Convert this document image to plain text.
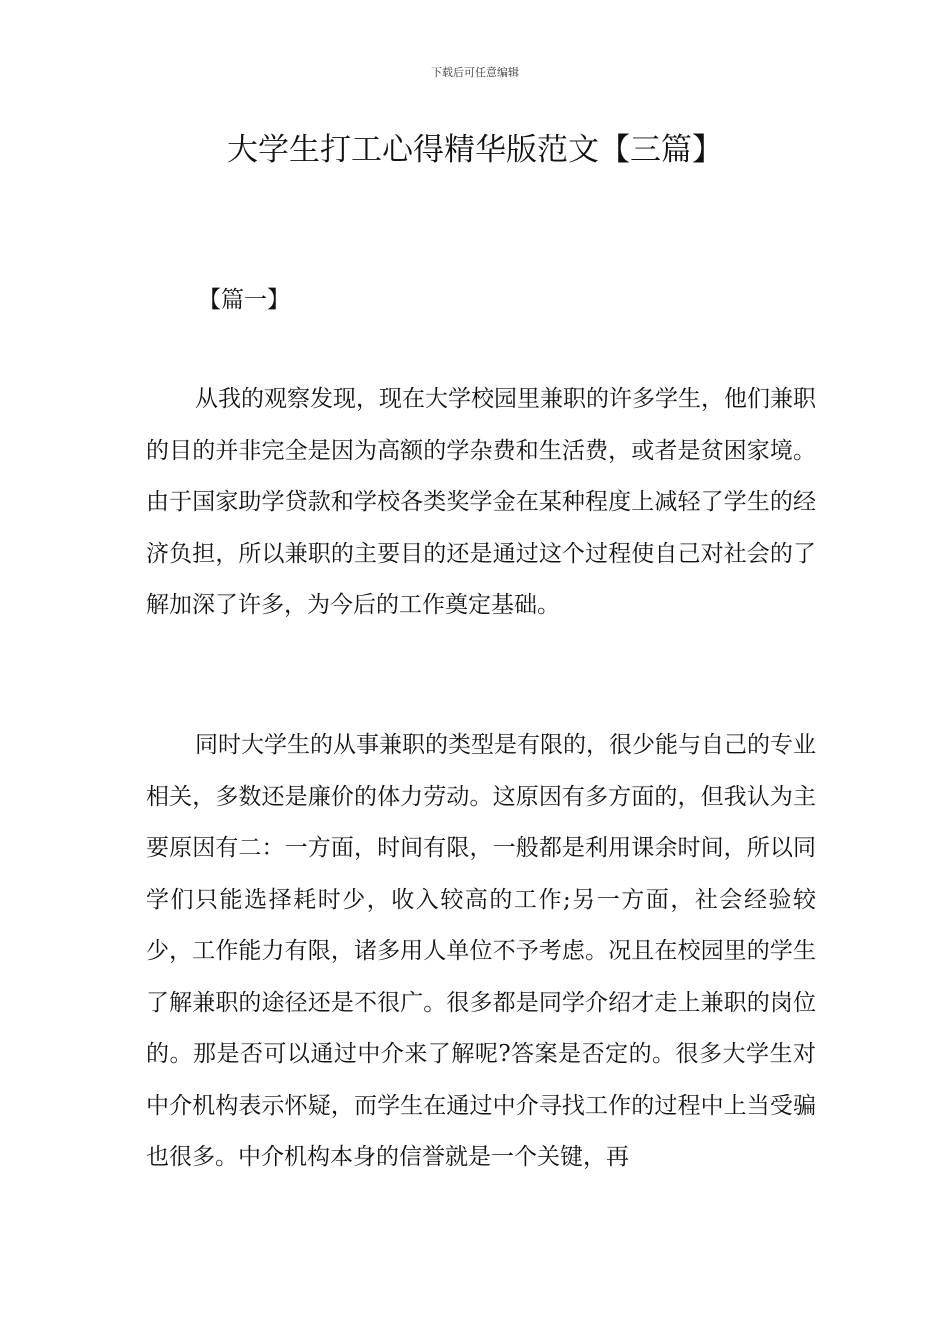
下载后可任意编辑
大学生打工心得精华版范文【三篇】
【篇一】

从我的观察发现，现在大学校园里兼职的许多学生，他们兼职的目的并非完全是因为高额的学杂费和生活费，或者是贫困家境。由于国家助学贷款和学校各类奖学金在某种程度上减轻了学生的经济负担，所以兼职的主要目的还是通过这个过程使自己对社会的了解加深了许多，为今后的工作奠定基础。

同时大学生的从事兼职的类型是有限的，很少能与自己的专业相关，多数还是廉价的体力劳动。这原因有多方面的，但我认为主要原因有二：一方面，时间有限，一般都是利用课余时间，所以同学们只能选择耗时少，收入较高的工作;另一方面，社会经验较少，工作能力有限，诸多用人单位不予考虑。况且在校园里的学生了解兼职的途径还是不很广。很多都是同学介绍才走上兼职的岗位的。那是否可以通过中介来了解呢?答案是否定的。很多大学生对中介机构表示怀疑，而学生在通过中介寻找工作的过程中上当受骗也很多。中介机构本身的信誉就是一个关键，再
